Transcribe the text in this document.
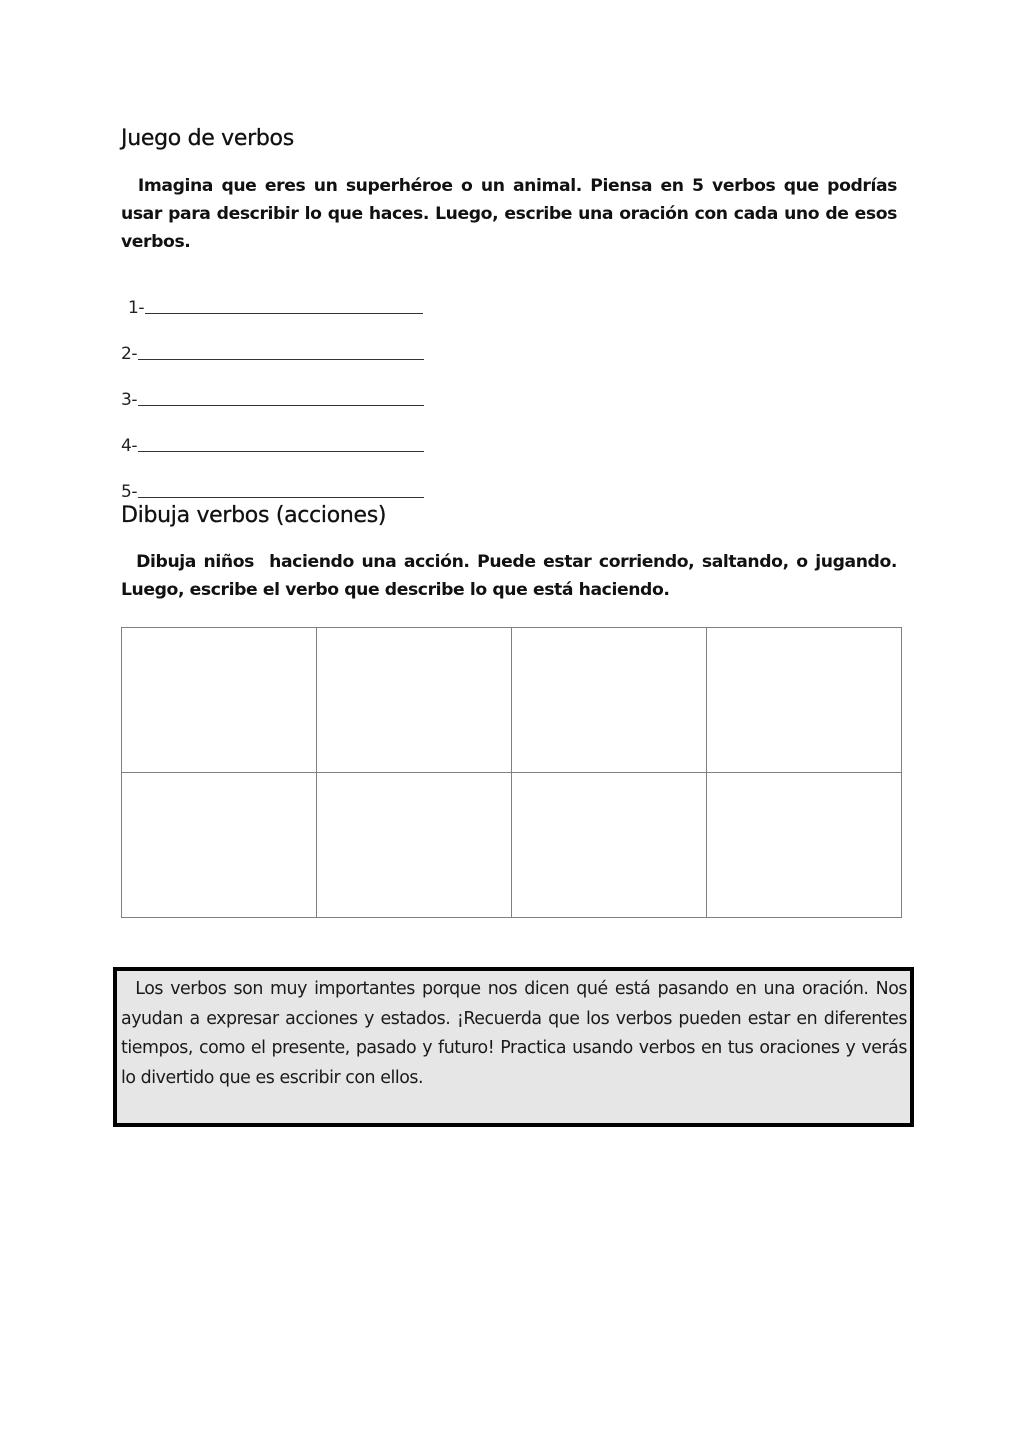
Juego de verbos

Imagina que eres un superhéroe o un animal. Piensa en 5 verbos que podrías usar para describir lo que haces. Luego, escribe una oración con cada uno de esos verbos.

1-
2-
3-
4-
5-
Dibuja verbos (acciones)

Dibuja niños  haciendo una acción. Puede estar corriendo, saltando, o jugando. Luego, escribe el verbo que describe lo que está haciendo.

Los verbos son muy importantes porque nos dicen qué está pasando en una oración. Nos ayudan a expresar acciones y estados. ¡Recuerda que los verbos pueden estar en diferentes tiempos, como el presente, pasado y futuro! Practica usando verbos en tus oraciones y verás lo divertido que es escribir con ellos.
